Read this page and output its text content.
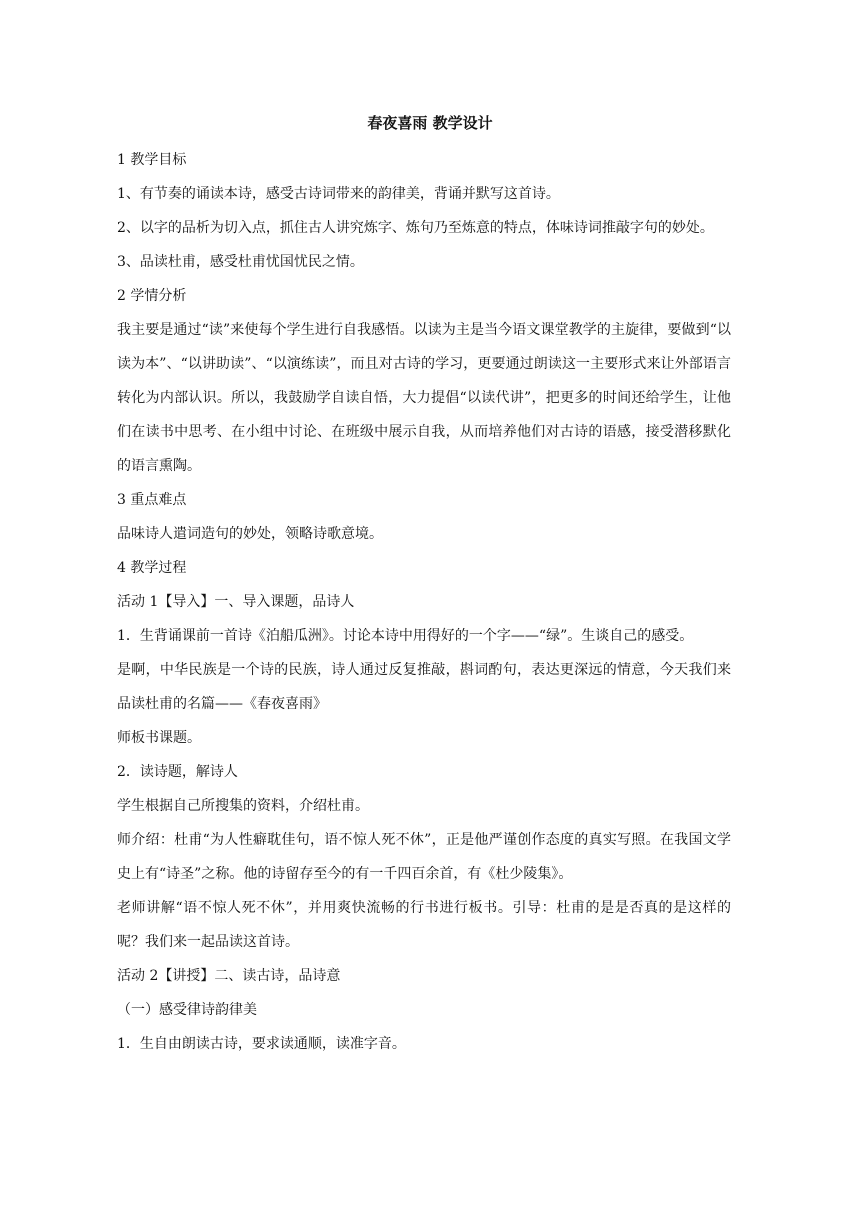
春夜喜雨 教学设计

1 教学目标

1、有节奏的诵读本诗，感受古诗词带来的韵律美，背诵并默写这首诗。

2、以字的品析为切入点，抓住古人讲究炼字、炼句乃至炼意的特点，体味诗词推敲字句的妙处。

3、品读杜甫，感受杜甫忧国忧民之情。

2 学情分析

我主要是通过“读”来使每个学生进行自我感悟。以读为主是当今语文课堂教学的主旋律，要做到“以读为本”、“以讲助读”、“以演练读”，而且对古诗的学习，更要通过朗读这一主要形式来让外部语言转化为内部认识。所以，我鼓励学自读自悟，大力提倡“以读代讲”，把更多的时间还给学生，让他们在读书中思考、在小组中讨论、在班级中展示自我，从而培养他们对古诗的语感，接受潜移默化的语言熏陶。

3 重点难点

品味诗人遣词造句的妙处，领略诗歌意境。

4 教学过程

活动 1【导入】一、导入课题，品诗人

1．生背诵课前一首诗《泊船瓜洲》。讨论本诗中用得好的一个字——“绿”。生谈自己的感受。

是啊，中华民族是一个诗的民族，诗人通过反复推敲，斟词酌句，表达更深远的情意，今天我们来品读杜甫的名篇——《春夜喜雨》

师板书课题。

2．读诗题，解诗人

学生根据自己所搜集的资料，介绍杜甫。

师介绍：杜甫“为人性癖耽佳句，语不惊人死不休”，正是他严谨创作态度的真实写照。在我国文学史上有“诗圣”之称。他的诗留存至今的有一千四百余首，有《杜少陵集》。

老师讲解“语不惊人死不休”，并用爽快流畅的行书进行板书。引导：杜甫的是是否真的是这样的呢？我们来一起品读这首诗。

活动 2【讲授】二、读古诗，品诗意

（一）感受律诗韵律美

1．生自由朗读古诗，要求读通顺，读准字音。
